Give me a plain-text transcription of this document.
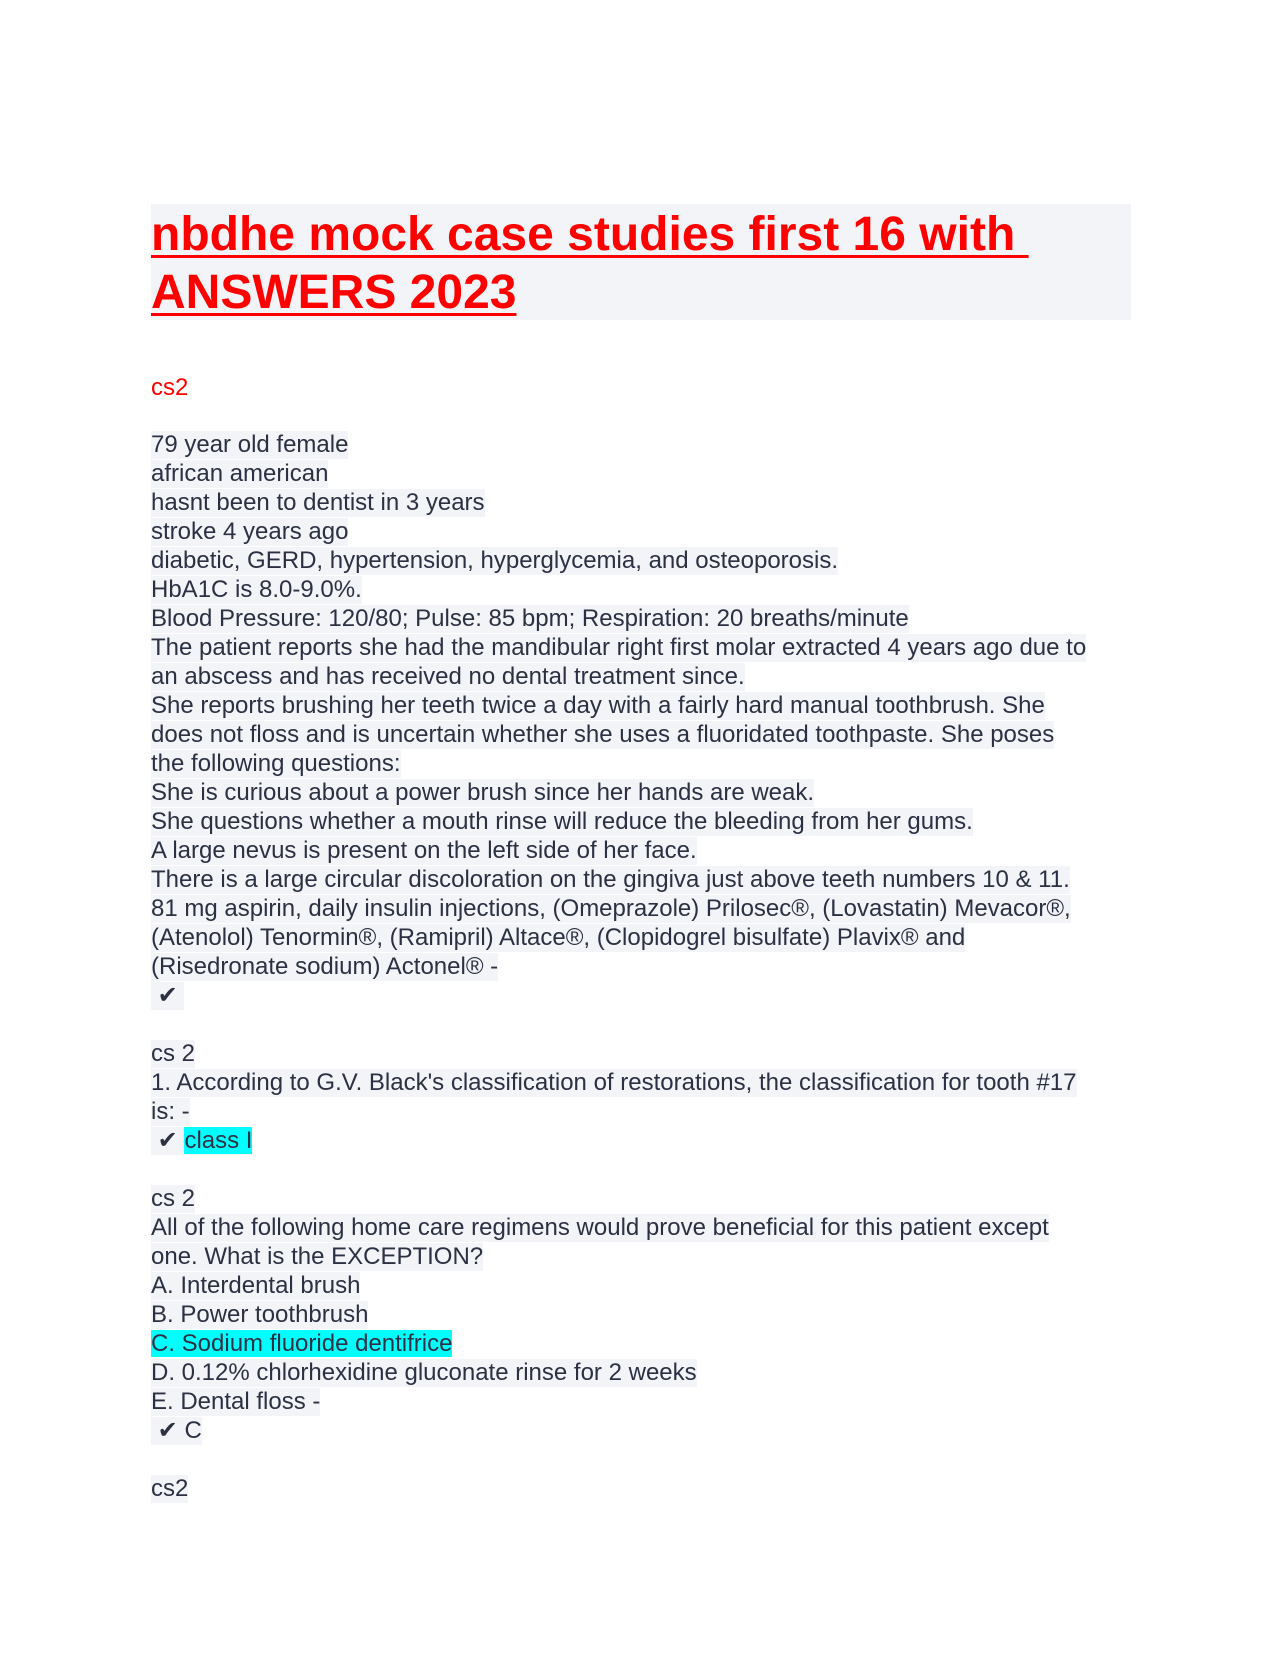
nbdhe mock case studies first 16 with
ANSWERS 2023
cs2
79 year old female
african american
hasnt been to dentist in 3 years
stroke 4 years ago
diabetic, GERD, hypertension, hyperglycemia, and osteoporosis.
HbA1C is 8.0-9.0%.
Blood Pressure: 120/80; Pulse: 85 bpm; Respiration: 20 breaths/minute
The patient reports she had the mandibular right first molar extracted 4 years ago due to
an abscess and has received no dental treatment since.
She reports brushing her teeth twice a day with a fairly hard manual toothbrush. She
does not floss and is uncertain whether she uses a fluoridated toothpaste. She poses
the following questions:
She is curious about a power brush since her hands are weak.
She questions whether a mouth rinse will reduce the bleeding from her gums.
A large nevus is present on the left side of her face.
There is a large circular discoloration on the gingiva just above teeth numbers 10 & 11.
81 mg aspirin, daily insulin injections, (Omeprazole) Prilosec®, (Lovastatin) Mevacor®,
(Atenolol) Tenormin®, (Ramipril) Altace®, (Clopidogrel bisulfate) Plavix® and
(Risedronate sodium) Actonel® -
✔
cs 2
1. According to G.V. Black's classification of restorations, the classification for tooth #17
is: -
✔ class I
cs 2
All of the following home care regimens would prove beneficial for this patient except
one. What is the EXCEPTION?
A. Interdental brush
B. Power toothbrush
C. Sodium fluoride dentifrice
D. 0.12% chlorhexidine gluconate rinse for 2 weeks
E. Dental floss -
✔ C
cs2
